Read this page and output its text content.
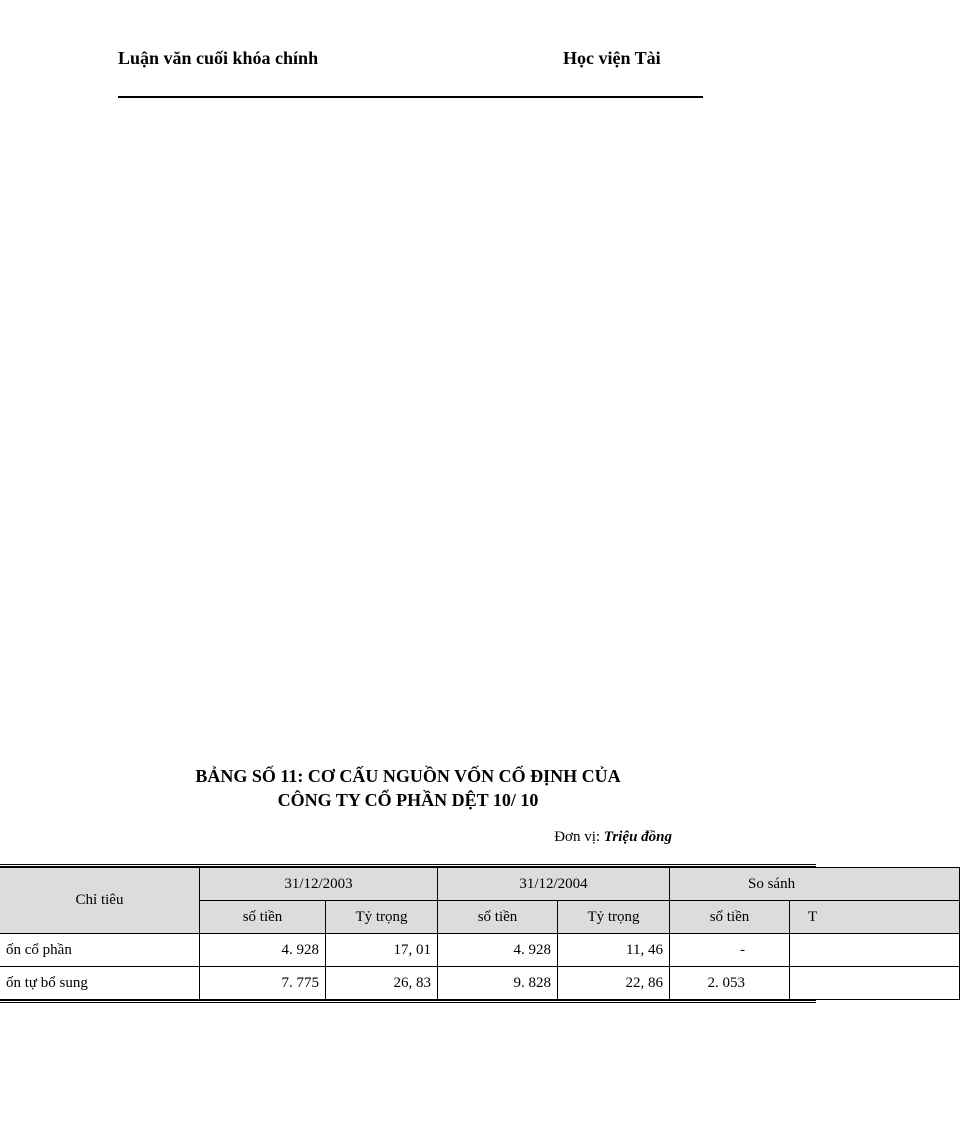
Luận văn cuối khóa chính	Học viện Tài
BẢNG SỐ 11: CƠ CẤU NGUỒN VỐN CỐ ĐỊNH CỦA
CÔNG TY CỔ PHẦN DỆT 10/ 10
Đơn vị: Triệu đồng
Chỉ tiêu	31/12/2003		31/12/2004		So sánh	
	số tiền	Tỷ trọng	số tiền	Tỷ trọng	số tiền	T
ốn cổ phần	4. 928	17, 01	4. 928	11, 46	-	
ốn tự bổ sung	7. 775	26, 83	9. 828	22, 86	2. 053	
